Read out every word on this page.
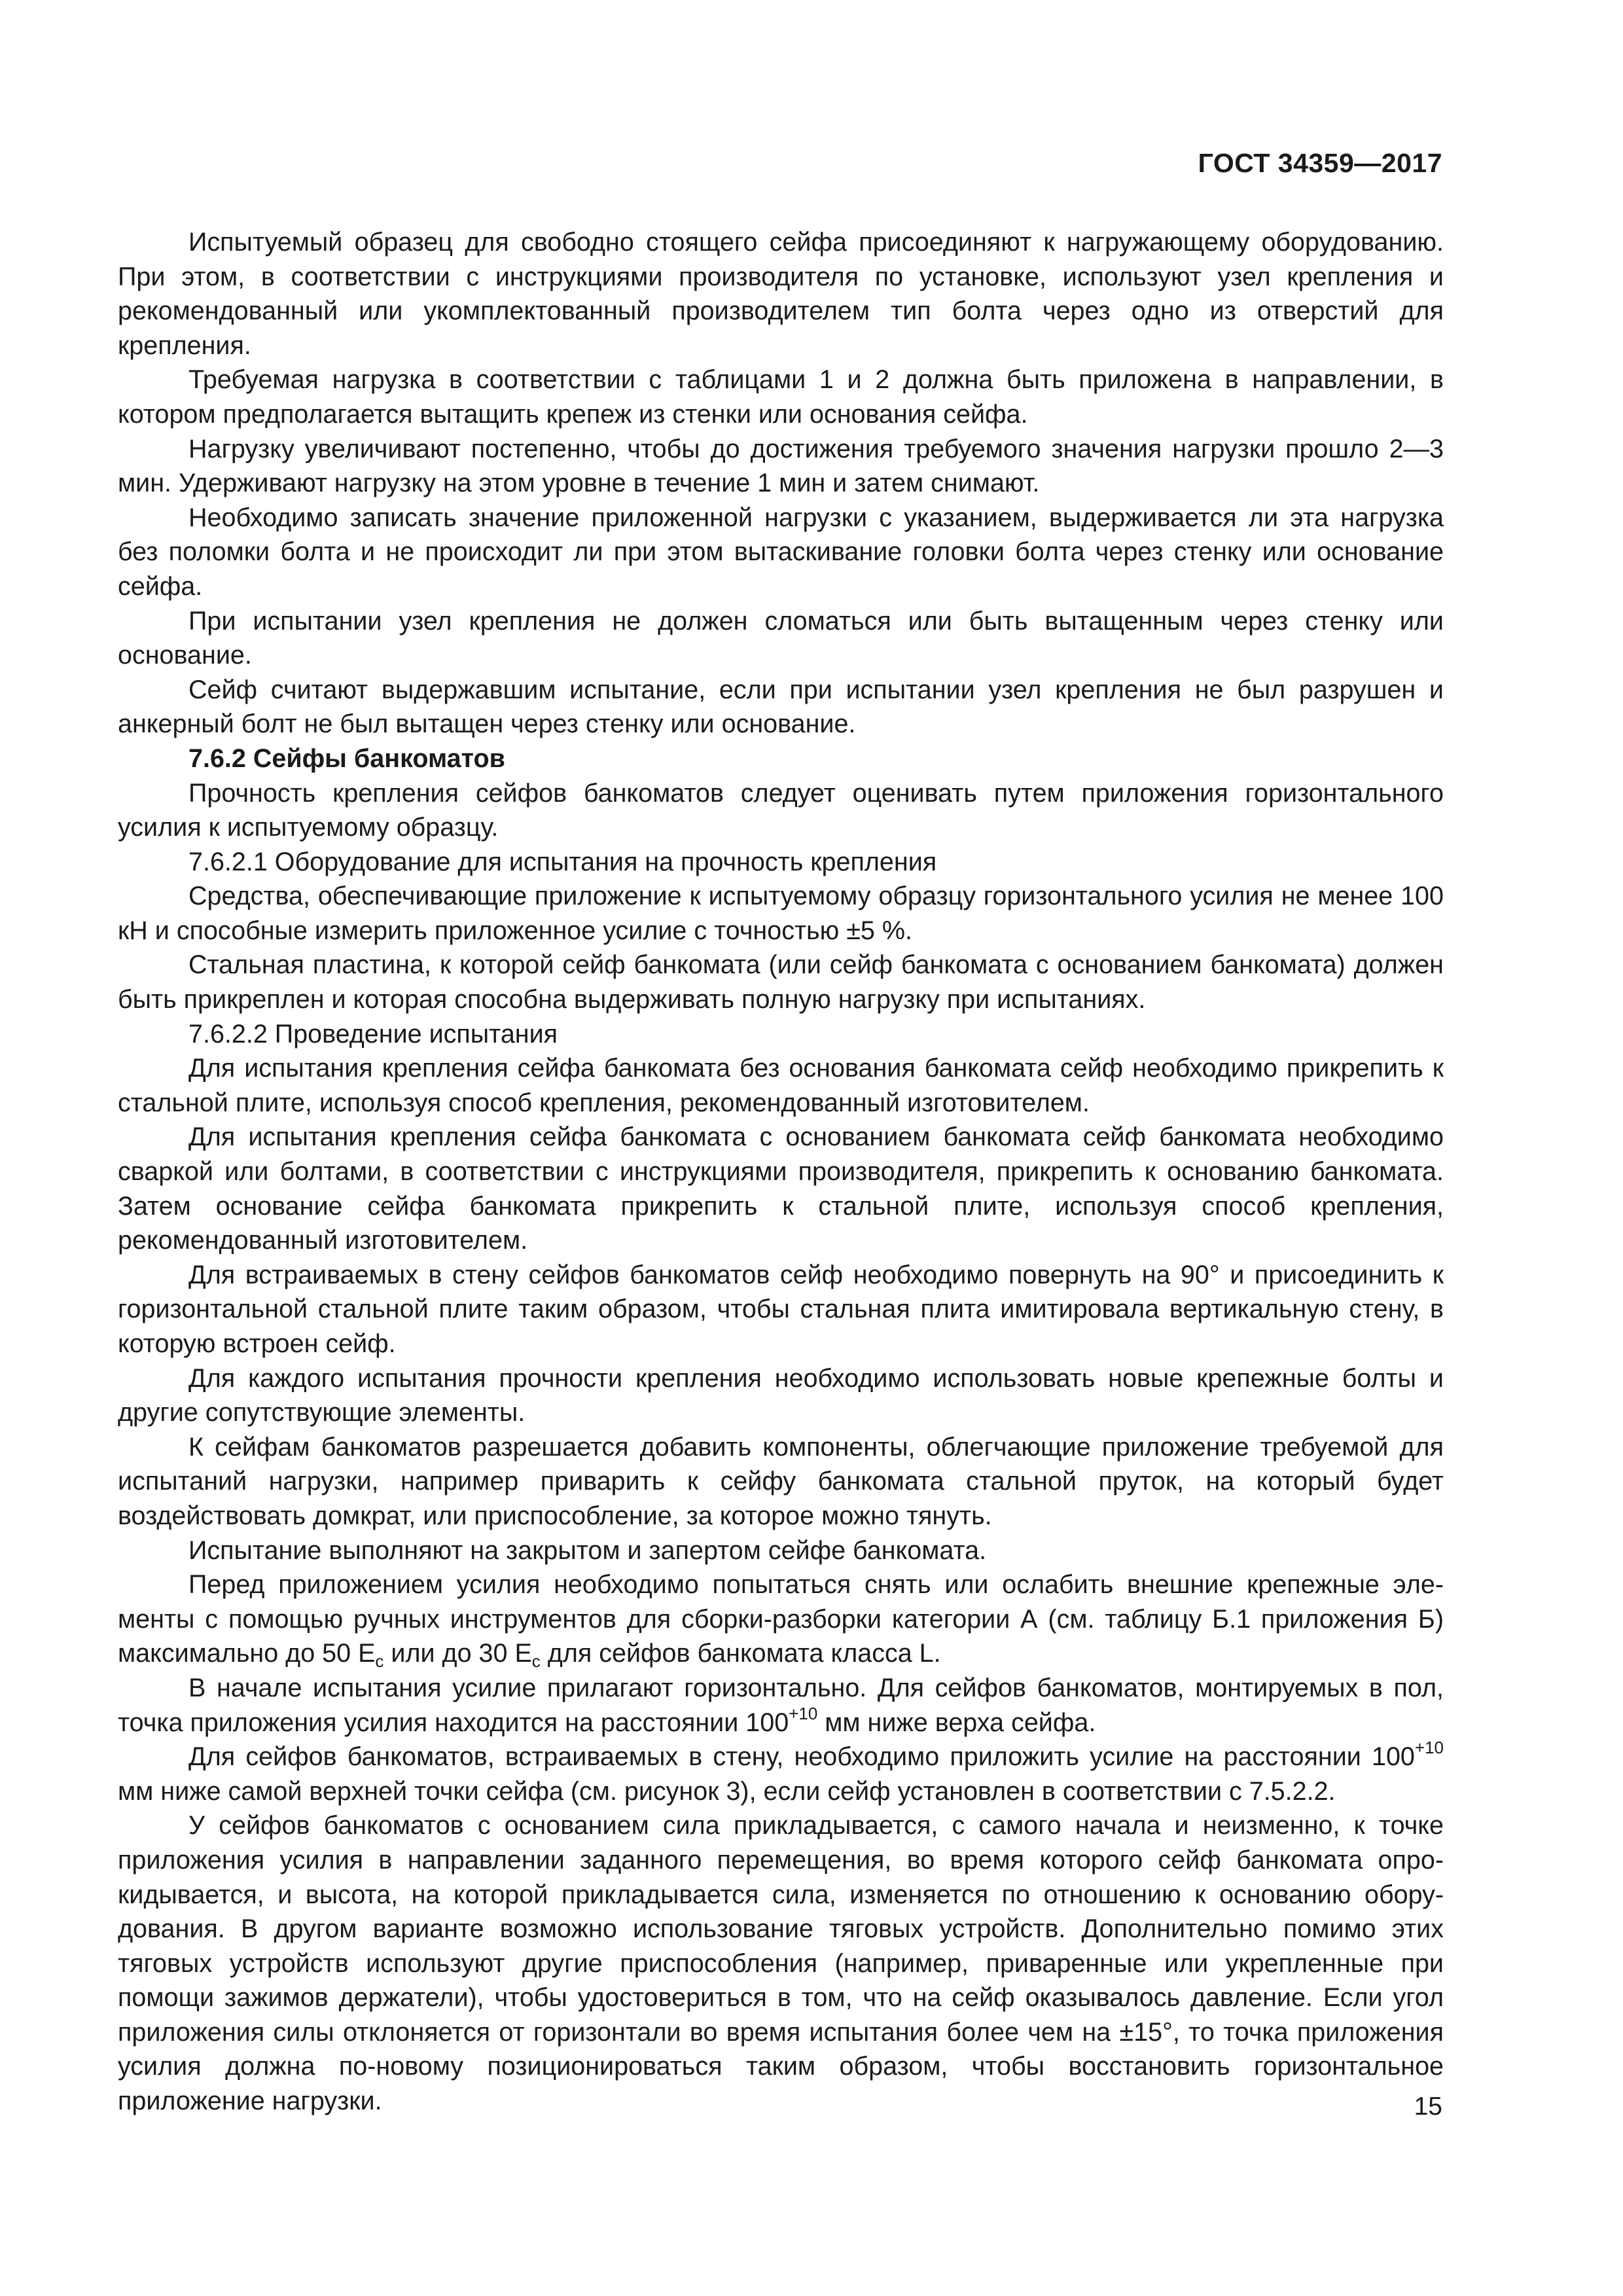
ГОСТ 34359—2017

Испытуемый образец для свободно стоящего сейфа присоединяют к нагружающему оборудованию. При этом, в соответствии с инструкциями производителя по установке, используют узел крепления и рекомендованный или укомплектованный производителем тип болта через одно из отверстий для крепления.

Требуемая нагрузка в соответствии с таблицами 1 и 2 должна быть приложена в направлении, в котором предполагается вытащить крепеж из стенки или основания сейфа.

Нагрузку увеличивают постепенно, чтобы до достижения требуемого значения нагрузки прошло 2—3 мин. Удерживают нагрузку на этом уровне в течение 1 мин и затем снимают.

Необходимо записать значение приложенной нагрузки с указанием, выдерживается ли эта нагрузка без поломки болта и не происходит ли при этом вытаскивание головки болта через стенку или основание сейфа.

При испытании узел крепления не должен сломаться или быть вытащенным через стенку или основание.

Сейф считают выдержавшим испытание, если при испытании узел крепления не был разрушен и анкерный болт не был вытащен через стенку или основание.

7.6.2 Сейфы банкоматов

Прочность крепления сейфов банкоматов следует оценивать путем приложения горизонтального усилия к испытуемому образцу.

7.6.2.1 Оборудование для испытания на прочность крепления

Средства, обеспечивающие приложение к испытуемому образцу горизонтального усилия не менее 100 кН и способные измерить приложенное усилие с точностью ±5 %.

Стальная пластина, к которой сейф банкомата (или сейф банкомата с основанием банкомата) должен быть прикреплен и которая способна выдерживать полную нагрузку при испытаниях.

7.6.2.2 Проведение испытания

Для испытания крепления сейфа банкомата без основания банкомата сейф необходимо прикрепить к стальной плите, используя способ крепления, рекомендованный изготовителем.

Для испытания крепления сейфа банкомата с основанием банкомата сейф банкомата необходимо сваркой или болтами, в соответствии с инструкциями производителя, прикрепить к основанию банкомата. Затем основание сейфа банкомата прикрепить к стальной плите, используя способ крепления, рекомендованный изготовителем.

Для встраиваемых в стену сейфов банкоматов сейф необходимо повернуть на 90° и присоединить к горизонтальной стальной плите таким образом, чтобы стальная плита имитировала вертикальную стену, в которую встроен сейф.

Для каждого испытания прочности крепления необходимо использовать новые крепежные болты и другие сопутствующие элементы.

К сейфам банкоматов разрешается добавить компоненты, облегчающие приложение требуемой для испытаний нагрузки, например приварить к сейфу банкомата стальной пруток, на который будет воздействовать домкрат, или приспособление, за которое можно тянуть.

Испытание выполняют на закрытом и запертом сейфе банкомата.

Перед приложением усилия необходимо попытаться снять или ослабить внешние крепежные элементы с помощью ручных инструментов для сборки-разборки категории А (см. таблицу Б.1 приложения Б) максимально до 50 $Е_с$ или до 30 $Е_с$ для сейфов банкомата класса L.

В начале испытания усилие прилагают горизонтально. Для сейфов банкоматов, монтируемых в пол, точка приложения усилия находится на расстоянии $100^{+10}$ мм ниже верха сейфа.

Для сейфов банкоматов, встраиваемых в стену, необходимо приложить усилие на расстоянии $100^{+10}$ мм ниже самой верхней точки сейфа (см. рисунок 3), если сейф установлен в соответствии с 7.5.2.2.

У сейфов банкоматов с основанием сила прикладывается, с самого начала и неизменно, к точке приложения усилия в направлении заданного перемещения, во время которого сейф банкомата опрокидывается, и высота, на которой прикладывается сила, изменяется по отношению к основанию оборудования. В другом варианте возможно использование тяговых устройств. Дополнительно помимо этих тяговых устройств используют другие приспособления (например, приваренные или укрепленные при помощи зажимов держатели), чтобы удостовериться в том, что на сейф оказывалось давление. Если угол приложения силы отклоняется от горизонтали во время испытания более чем на ±15°, то точка приложения усилия должна по-новому позиционироваться таким образом, чтобы восстановить горизонтальное приложение нагрузки.	15
